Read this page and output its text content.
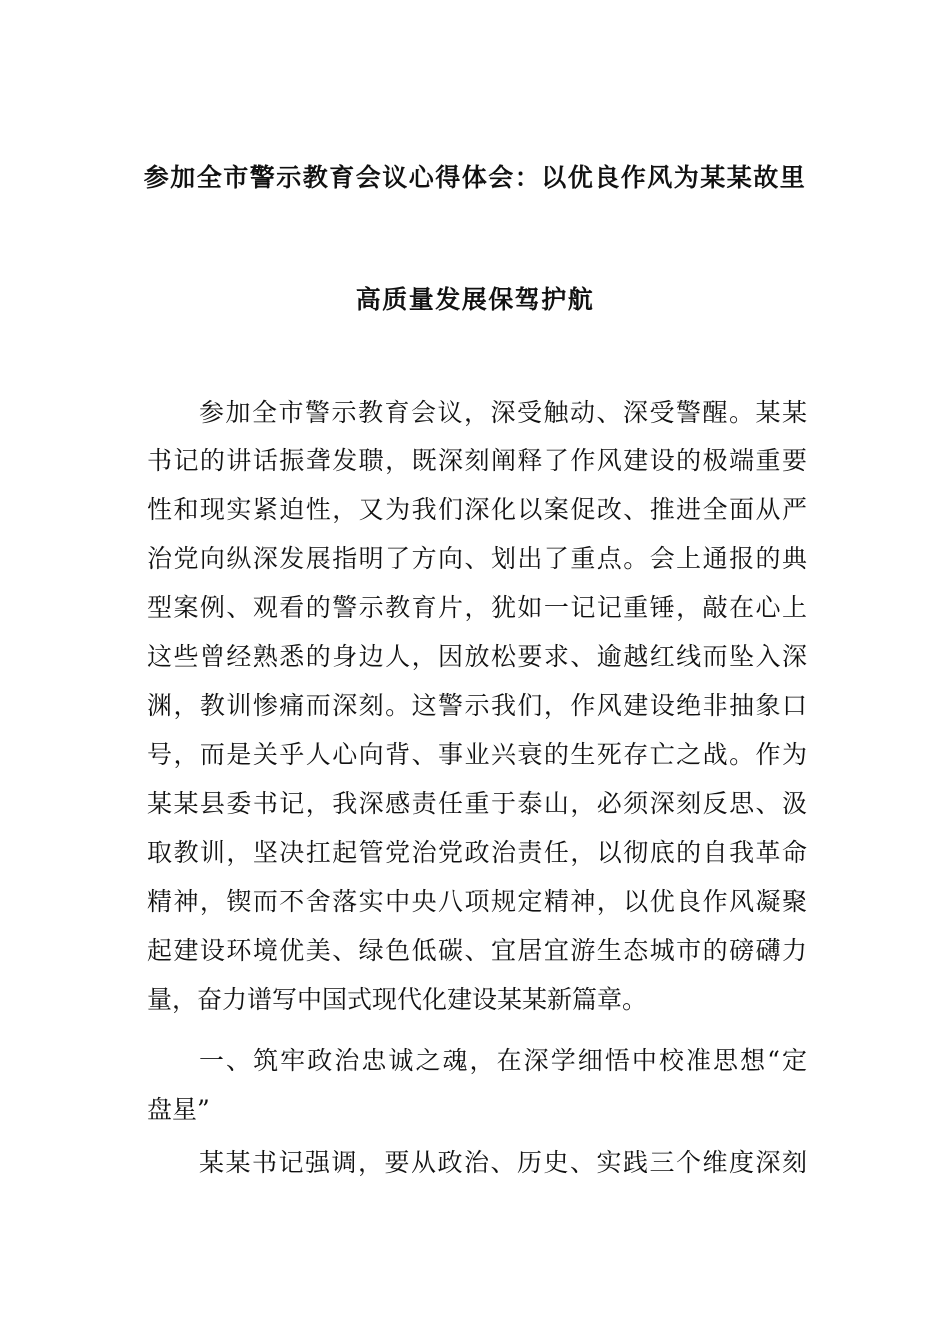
参加全市警示教育会议心得体会：以优良作风为某某故里
高质量发展保驾护航
参加全市警示教育会议，深受触动、深受警醒。某某
书记的讲话振聋发聩，既深刻阐释了作风建设的极端重要
性和现实紧迫性，又为我们深化以案促改、推进全面从严
治党向纵深发展指明了方向、划出了重点。会上通报的典
型案例、观看的警示教育片，犹如一记记重锤，敲在心上
这些曾经熟悉的身边人，因放松要求、逾越红线而坠入深
渊，教训惨痛而深刻。这警示我们，作风建设绝非抽象口
号，而是关乎人心向背、事业兴衰的生死存亡之战。作为
某某县委书记，我深感责任重于泰山，必须深刻反思、汲
取教训，坚决扛起管党治党政治责任，以彻底的自我革命
精神，锲而不舍落实中央八项规定精神，以优良作风凝聚
起建设环境优美、绿色低碳、宜居宜游生态城市的磅礴力
量，奋力谱写中国式现代化建设某某新篇章。
一、筑牢政治忠诚之魂，在深学细悟中校准思想“定
盘星”
某某书记强调，要从政治、历史、实践三个维度深刻
